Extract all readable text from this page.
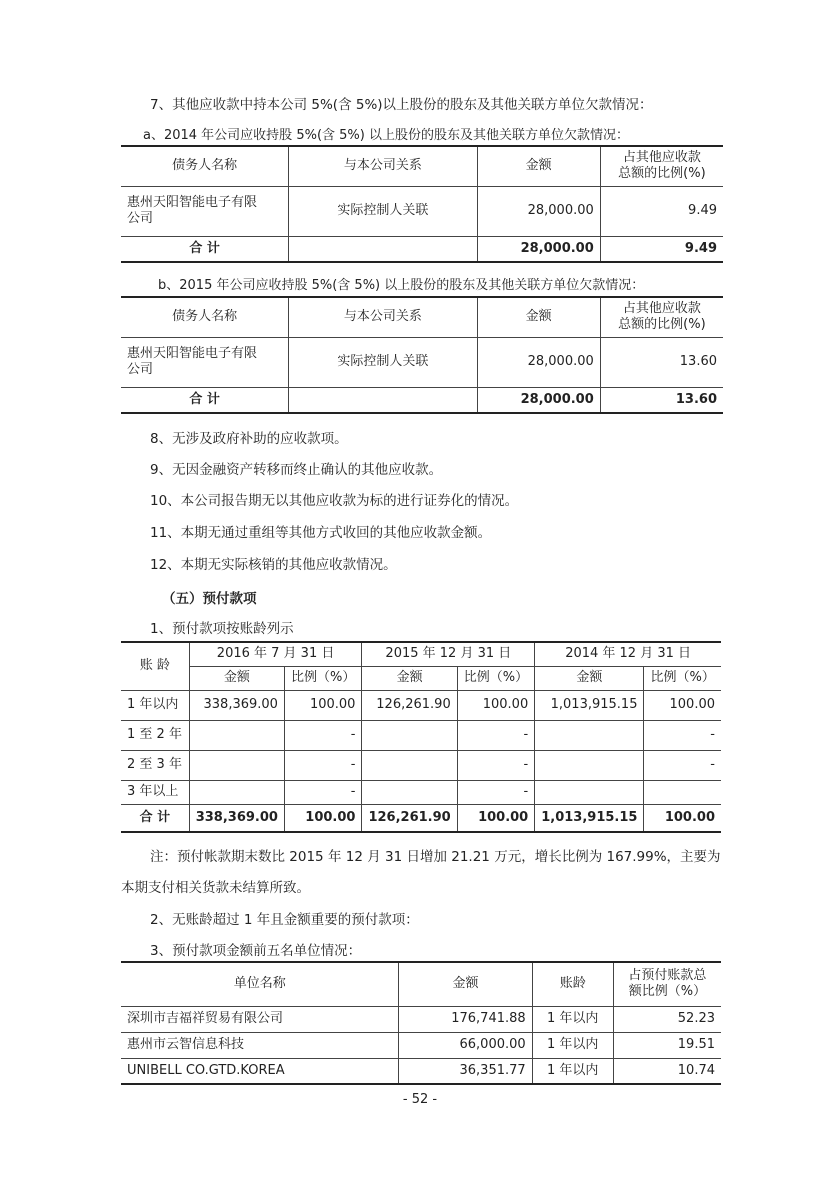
7、其他应收款中持本公司 5%(含 5%)以上股份的股东及其他关联方单位欠款情况：
a、2014 年公司应收持股 5%(含 5%) 以上股份的股东及其他关联方单位欠款情况：
债务人名称	与本公司关系	金额	占其他应收款
总额的比例(%)

惠州天阳智能电子有限
公司	实际控制人关联	28,000.00	9.49
合 计		28,000.00	9.49
b、2015 年公司应收持股 5%(含 5%) 以上股份的股东及其他关联方单位欠款情况：
债务人名称	与本公司关系	金额	占其他应收款
总额的比例(%)

惠州天阳智能电子有限
公司	实际控制人关联	28,000.00	13.60
合 计		28,000.00	13.60
8、无涉及政府补助的应收款项。
9、无因金融资产转移而终止确认的其他应收款。
10、本公司报告期无以其他应收款为标的进行证券化的情况。
11、本期无通过重组等其他方式收回的其他应收款金额。
12、本期无实际核销的其他应收款情况。
（五）预付款项
1、预付款项按账龄列示
账 龄	2016 年 7 月 31 日		2015 年 12 月 31 日		2014 年 12 月 31 日	
	金额	比例（%）	金额	比例（%）	金额	比例（%）
1 年以内	338,369.00	100.00	126,261.90	100.00	1,013,915.15	100.00
1 至 2 年		-		-		-
2 至 3 年		-		-		-
3 年以上		-		-		
合 计	338,369.00	100.00	126,261.90	100.00	1,013,915.15	100.00
注：预付帐款期末数比 2015 年 12 月 31 日增加 21.21 万元，增长比例为 167.99%，主要为
本期支付相关货款未结算所致。
2、无账龄超过 1 年且金额重要的预付款项：
3、预付款项金额前五名单位情况：
单位名称	金额	账龄	占预付账款总
额比例（%）

深圳市吉福祥贸易有限公司	176,741.88	1 年以内	52.23
惠州市云智信息科技	66,000.00	1 年以内	19.51
UNIBELL CO.GTD.KOREA	36,351.77	1 年以内	10.74
- 52 -
